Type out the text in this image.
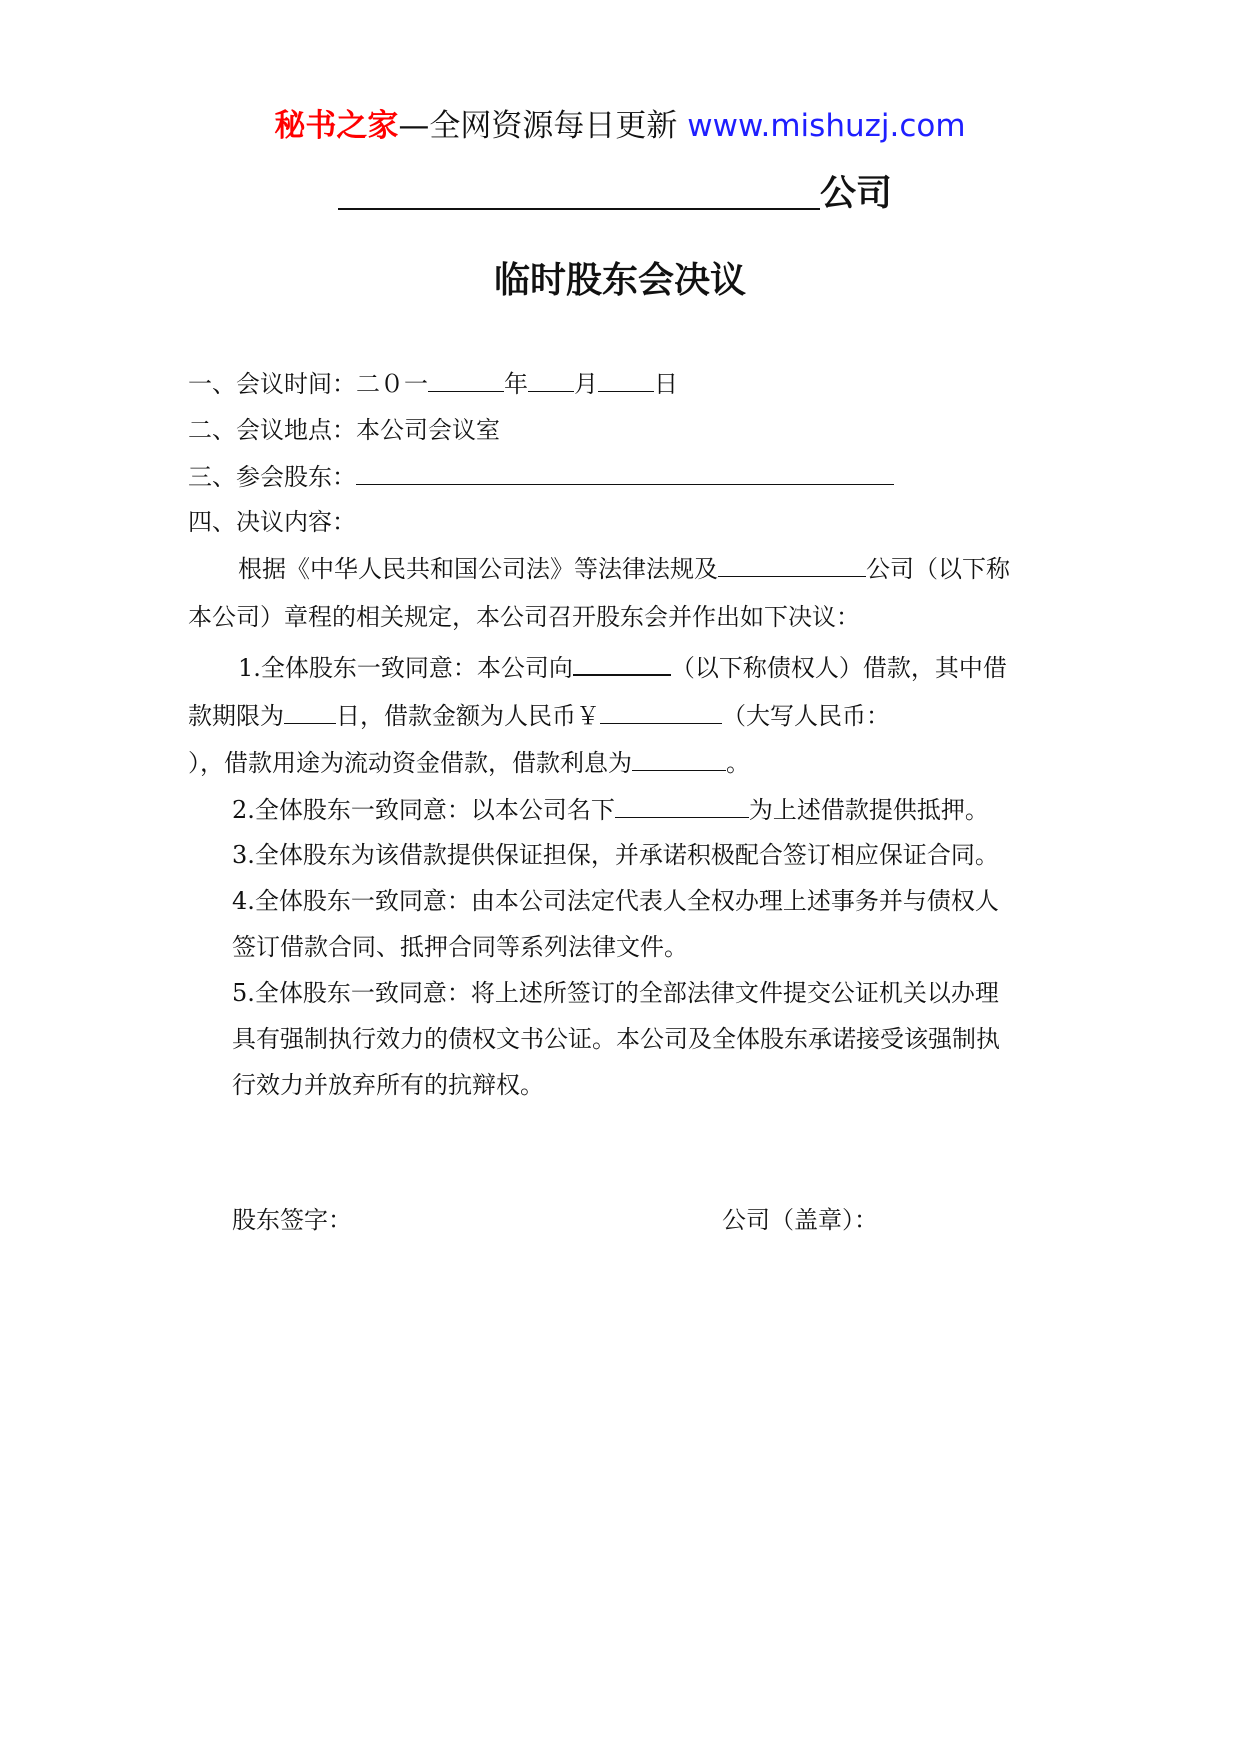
秘书之家—全网资源每日更新 www.mishuzj.com
公司
临时股东会决议
一、会议时间：二０一	年 月 日
二、会议地点：本公司会议室
三、参会股东：
四、决议内容：
根据《中华人民共和国公司法》等法律法规及	公司（以下称
本公司）章程的相关规定，本公司召开股东会并作出如下决议：
1.全体股东一致同意：本公司向	（以下称债权人）借款，其中借
款期限为 日，借款金额为人民币￥	（大写人民币：
），借款用途为流动资金借款，借款利息为	。
2.全体股东一致同意：以本公司名下	为上述借款提供抵押。
3.全体股东为该借款提供保证担保，并承诺积极配合签订相应保证合同。
4.全体股东一致同意：由本公司法定代表人全权办理上述事务并与债权人
签订借款合同、抵押合同等系列法律文件。
5.全体股东一致同意：将上述所签订的全部法律文件提交公证机关以办理
具有强制执行效力的债权文书公证。本公司及全体股东承诺接受该强制执
行效力并放弃所有的抗辩权。
股东签字：	公司（盖章）：
